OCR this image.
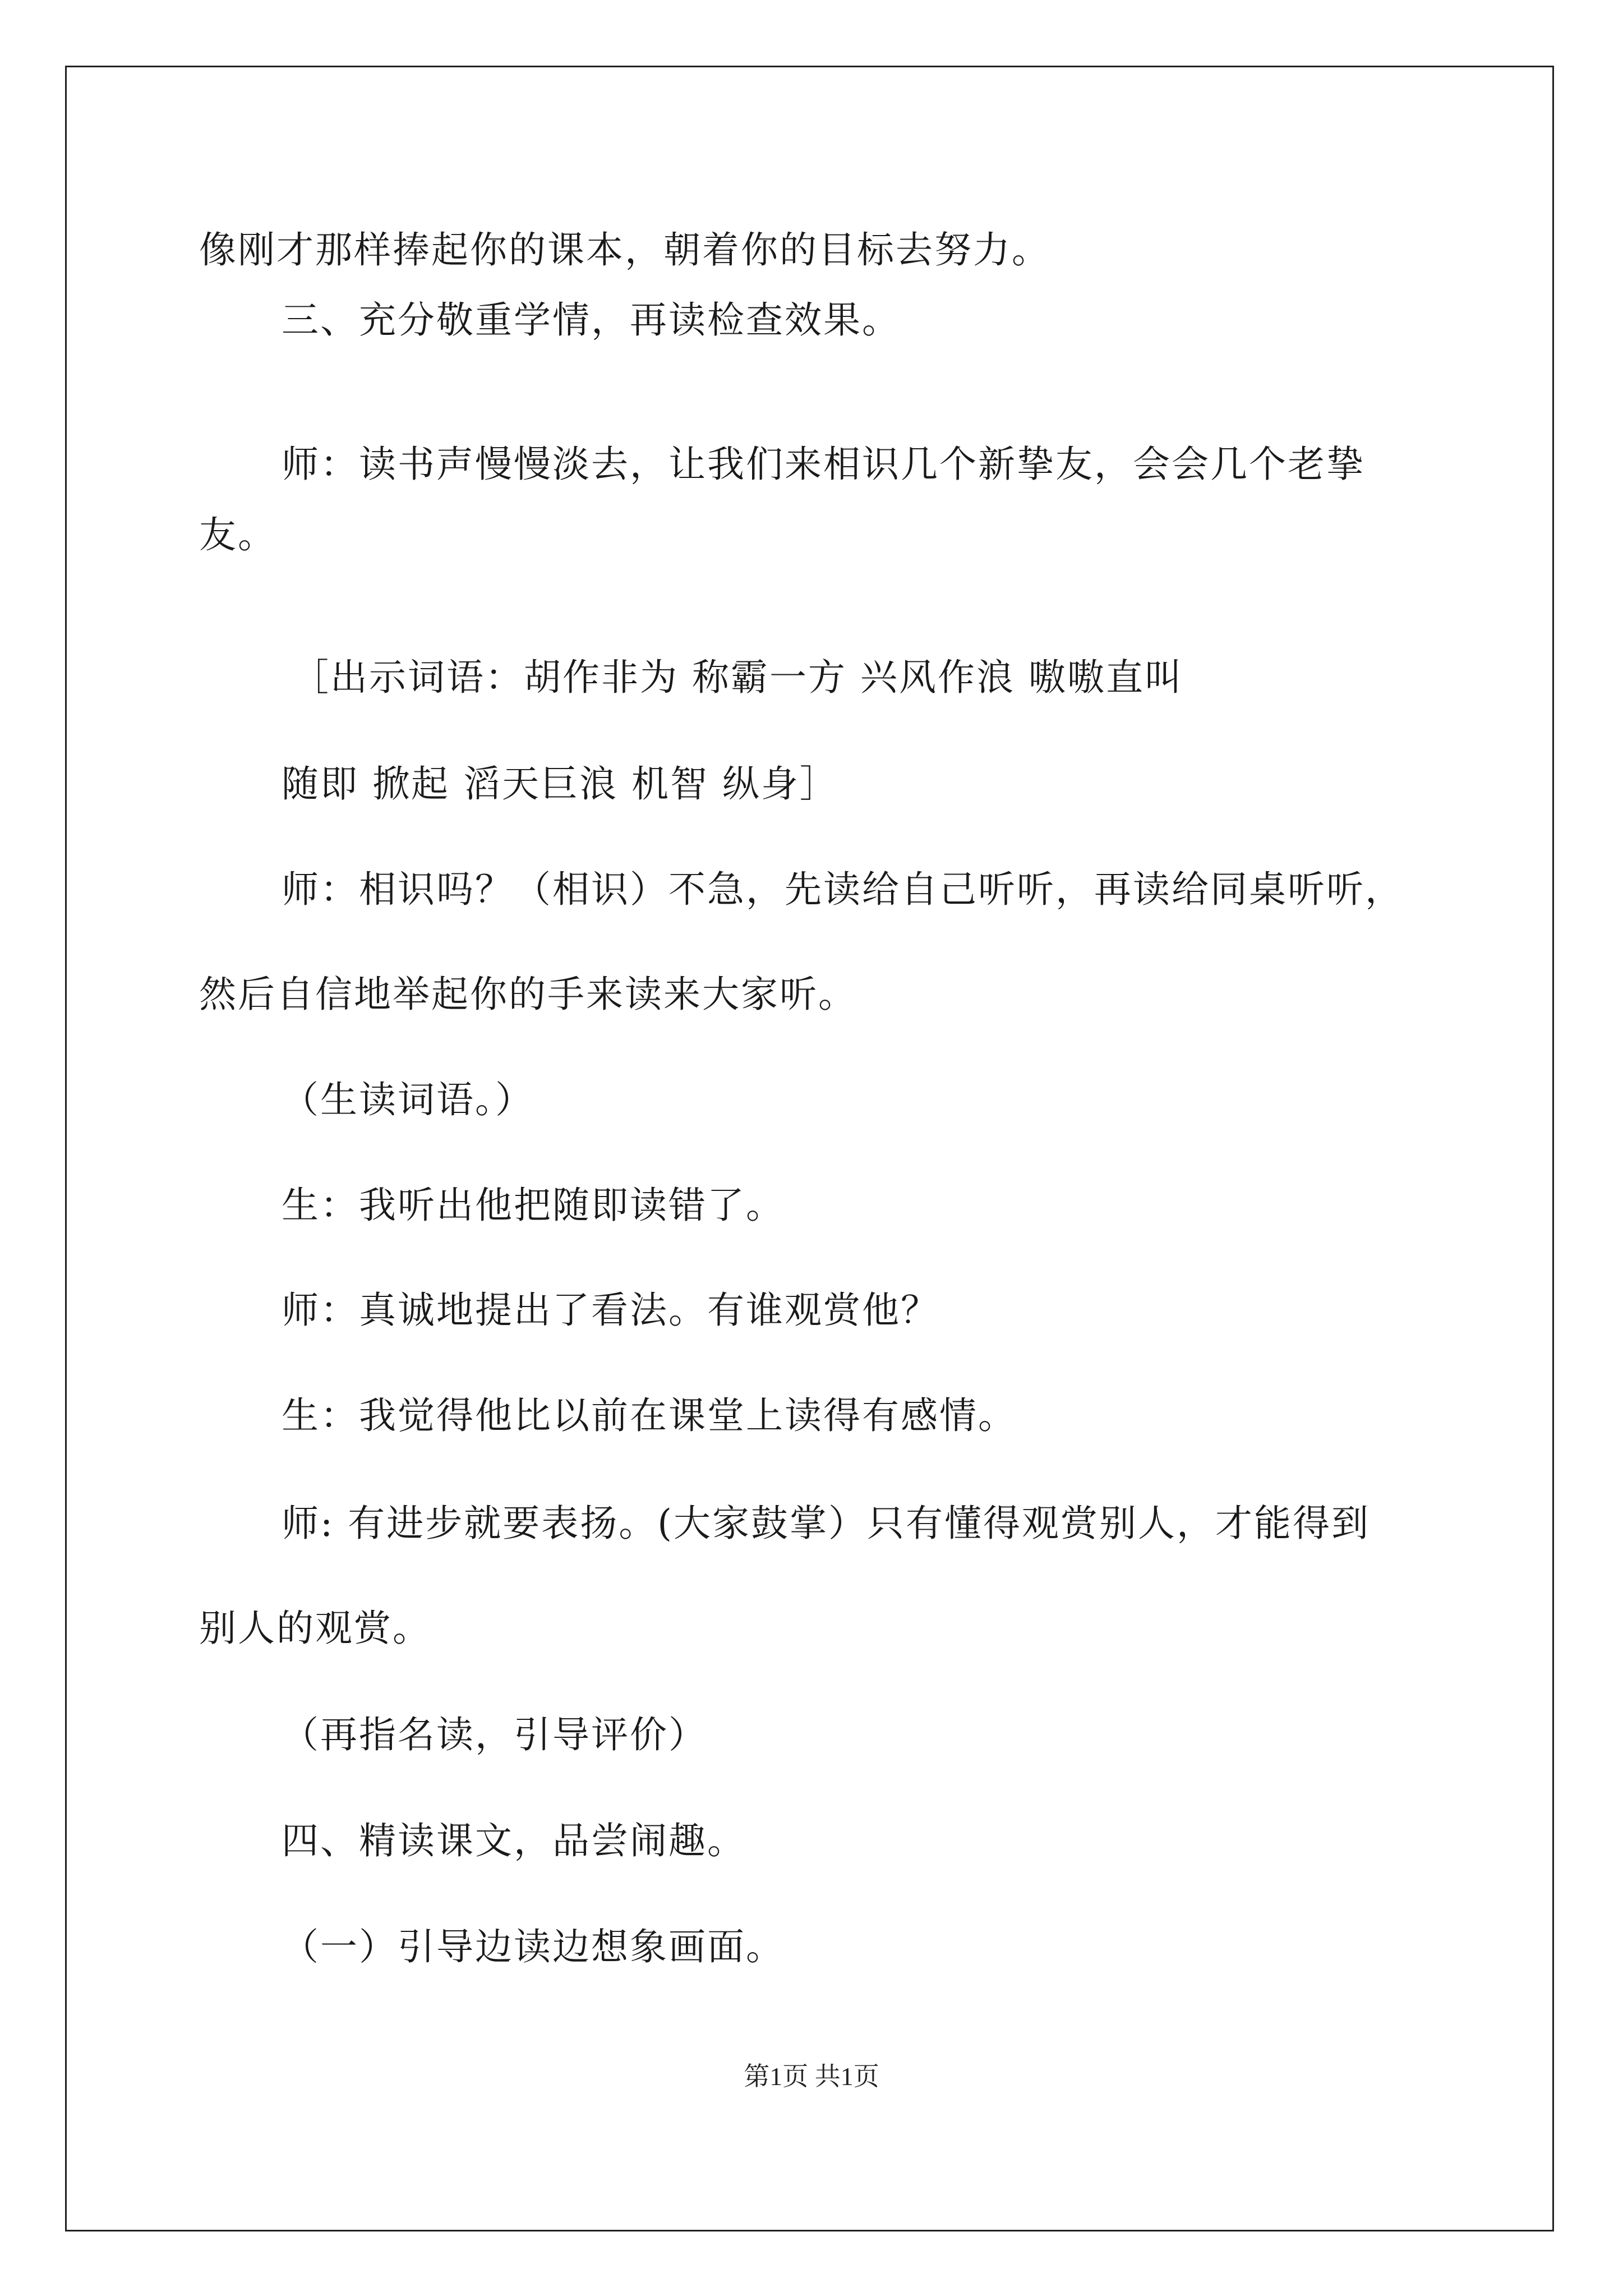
像刚才那样捧起你的课本，朝着你的目标去努力。
三、充分敬重学情，再读检查效果。
师：读书声慢慢淡去，让我们来相识几个新挚友，会会几个老挚
友。
［出示词语：胡作非为 称霸一方 兴风作浪 嗷嗷直叫
随即 掀起 滔天巨浪 机智 纵身］
师：相识吗？（相识）不急，先读给自己听听，再读给同桌听听，
然后自信地举起你的手来读来大家听。
（生读词语。）
生：我听出他把随即读错了。
师：真诚地提出了看法。有谁观赏他？
生：我觉得他比以前在课堂上读得有感情。
师: 有进步就要表扬。(大家鼓掌）只有懂得观赏别人，才能得到
别人的观赏。
（再指名读，引导评价）
四、精读课文，品尝闹趣。
（一）引导边读边想象画面。
第1页 共1页
